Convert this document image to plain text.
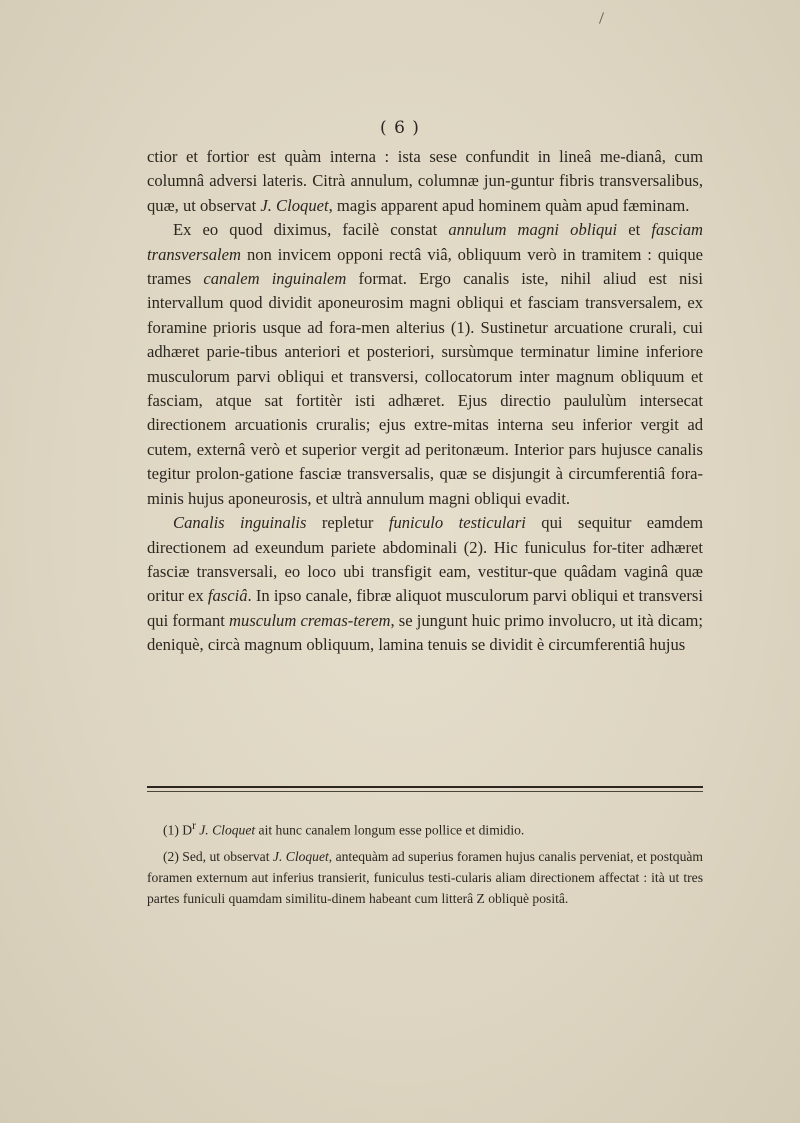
( 6 )

ctior et fortior est quàm interna : ista sese confundit in lineâ me-dianâ, cum columnâ adversi lateris. Citrà annulum, columnæ jun-guntur fibris transversalibus, quæ, ut observat J. Cloquet, magis apparent apud hominem quàm apud fæminam.

Ex eo quod diximus, facilè constat annulum magni obliqui et fasciam transversalem non invicem opponi rectâ viâ, obliquum verò in tramitem : quique trames canalem inguinalem format. Ergo canalis iste, nihil aliud est nisi intervallum quod dividit aponeurosim magni obliqui et fasciam transversalem, ex foramine prioris usque ad fora-men alterius (1). Sustinetur arcuatione crurali, cui adhæret parie-tibus anteriori et posteriori, sursùmque terminatur limine inferiore musculorum parvi obliqui et transversi, collocatorum inter magnum obliquum et fasciam, atque sat fortitèr isti adhæret. Ejus directio paululùm intersecat directionem arcuationis cruralis; ejus extre-mitas interna seu inferior vergit ad cutem, externâ verò et superior vergit ad peritonæum. Interior pars hujusce canalis tegitur prolon-gatione fasciæ transversalis, quæ se disjungit à circumferentiâ fora-minis hujus aponeurosis, et ultrà annulum magni obliqui evadit.

Canalis inguinalis repletur funiculo testiculari qui sequitur eamdem directionem ad exeundum pariete abdominali (2). Hic funiculus for-titer adhæret fasciæ transversali, eo loco ubi transfigit eam, vestitur-que quâdam vaginâ quæ oritur ex fasciâ. In ipso canale, fibræ aliquot musculorum parvi obliqui et transversi qui formant musculum cremas-terem, se jungunt huic primo involucro, ut ità dicam; deniquè, circà magnum obliquum, lamina tenuis se dividit è circumferentiâ hujus

(1) $D^r$ J. Cloquet ait hunc canalem longum esse pollice et dimidio.

(2) Sed, ut observat J. Cloquet, antequàm ad superius foramen hujus canalis perveniat, et postquàm foramen externum aut inferius transierit, funiculus testi-cularis aliam directionem affectat : ità ut tres partes funiculi quamdam similitu-dinem habeant cum litterâ Z obliquè positâ.
